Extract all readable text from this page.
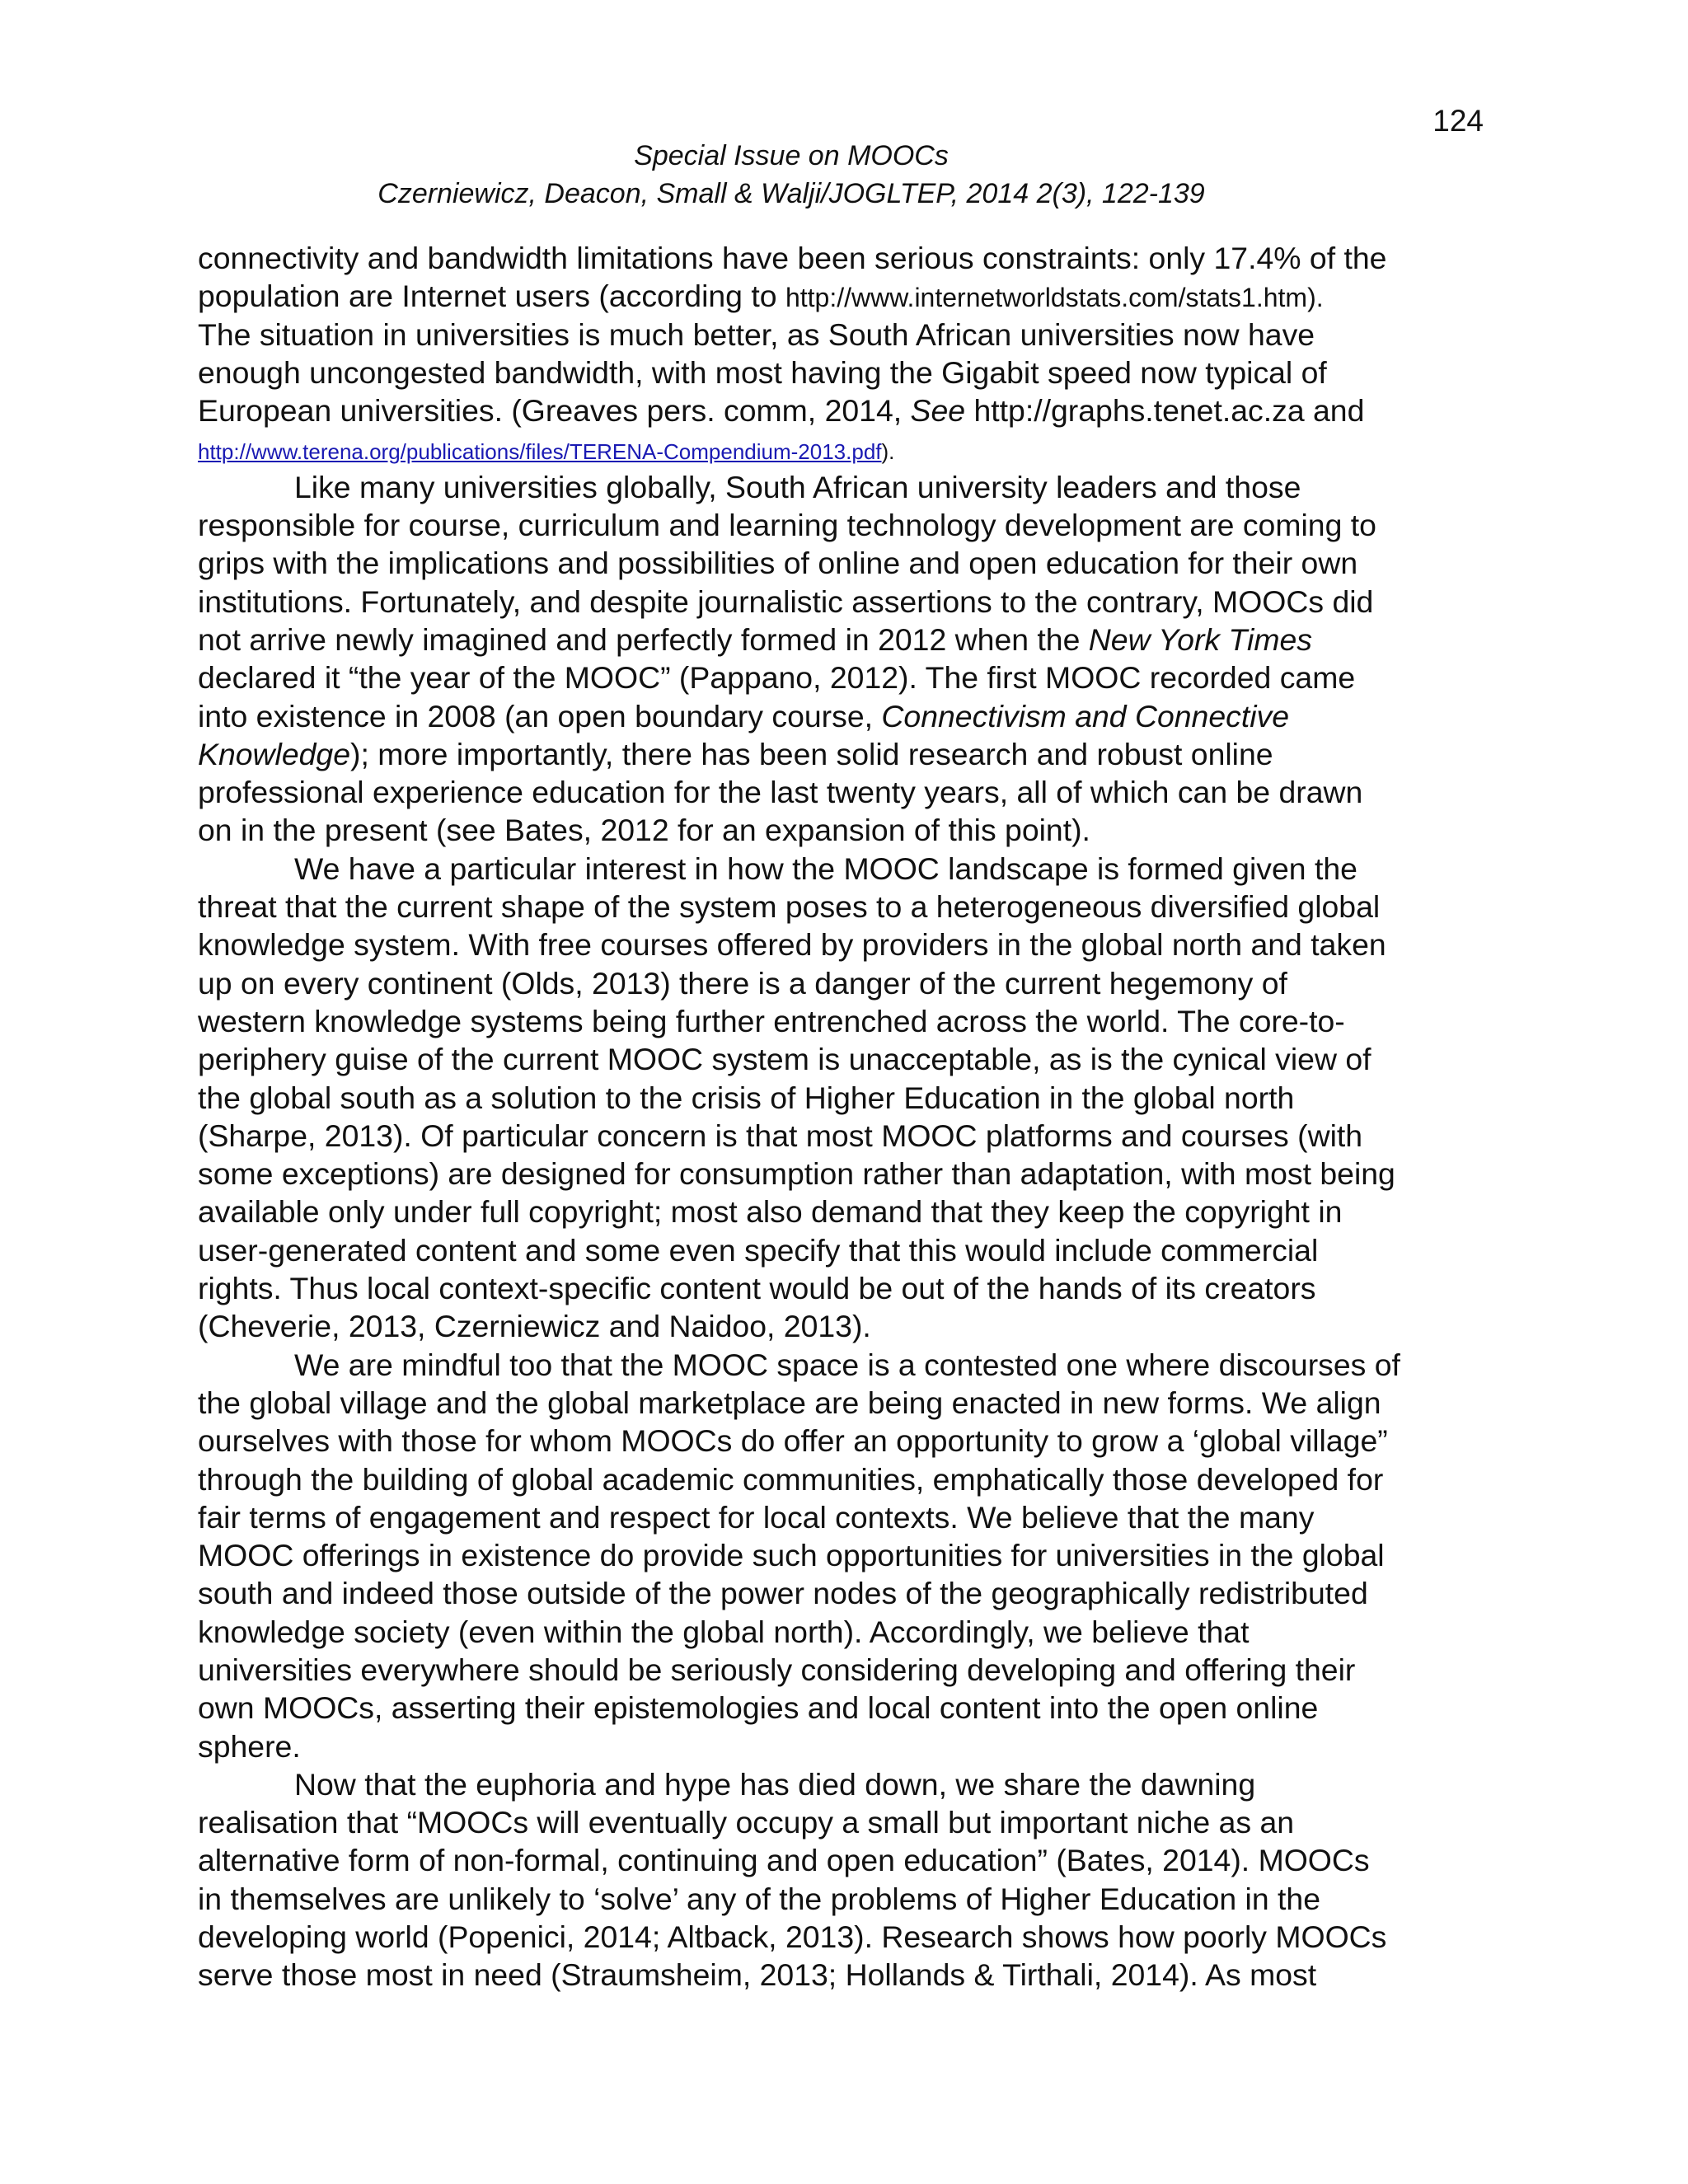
124
Special Issue on MOOCs
Czerniewicz, Deacon, Small & Walji/JOGLTEP, 2014 2(3), 122-139
connectivity and bandwidth limitations have been serious constraints: only 17.4% of the
population are Internet users (according to http://www.internetworldstats.com/stats1.htm).
The situation in universities is much better, as South African universities now have
enough uncongested bandwidth, with most having the Gigabit speed now typical of
European universities. (Greaves pers. comm, 2014, See http://graphs.tenet.ac.za and
http://www.terena.org/publications/files/TERENA-Compendium-2013.pdf).
Like many universities globally, South African university leaders and those
responsible for course, curriculum and learning technology development are coming to
grips with the implications and possibilities of online and open education for their own
institutions. Fortunately, and despite journalistic assertions to the contrary, MOOCs did
not arrive newly imagined and perfectly formed in 2012 when the New York Times
declared it “the year of the MOOC” (Pappano, 2012). The first MOOC recorded came
into existence in 2008 (an open boundary course, Connectivism and Connective
Knowledge); more importantly, there has been solid research and robust online
professional experience education for the last twenty years, all of which can be drawn
on in the present (see Bates, 2012 for an expansion of this point).
We have a particular interest in how the MOOC landscape is formed given the
threat that the current shape of the system poses to a heterogeneous diversified global
knowledge system. With free courses offered by providers in the global north and taken
up on every continent (Olds, 2013) there is a danger of the current hegemony of
western knowledge systems being further entrenched across the world. The core-to-
periphery guise of the current MOOC system is unacceptable, as is the cynical view of
the global south as a solution to the crisis of Higher Education in the global north
(Sharpe, 2013). Of particular concern is that most MOOC platforms and courses (with
some exceptions) are designed for consumption rather than adaptation, with most being
available only under full copyright; most also demand that they keep the copyright in
user-generated content and some even specify that this would include commercial
rights. Thus local context-specific content would be out of the hands of its creators
(Cheverie, 2013, Czerniewicz and Naidoo, 2013).
We are mindful too that the MOOC space is a contested one where discourses of
the global village and the global marketplace are being enacted in new forms. We align
ourselves with those for whom MOOCs do offer an opportunity to grow a ‘global village”
through the building of global academic communities, emphatically those developed for
fair terms of engagement and respect for local contexts. We believe that the many
MOOC offerings in existence do provide such opportunities for universities in the global
south and indeed those outside of the power nodes of the geographically redistributed
knowledge society (even within the global north). Accordingly, we believe that
universities everywhere should be seriously considering developing and offering their
own MOOCs, asserting their epistemologies and local content into the open online
sphere.
Now that the euphoria and hype has died down, we share the dawning
realisation that “MOOCs will eventually occupy a small but important niche as an
alternative form of non-formal, continuing and open education” (Bates, 2014). MOOCs
in themselves are unlikely to ‘solve’ any of the problems of Higher Education in the
developing world (Popenici, 2014; Altback, 2013). Research shows how poorly MOOCs
serve those most in need (Straumsheim, 2013; Hollands & Tirthali, 2014). As most
